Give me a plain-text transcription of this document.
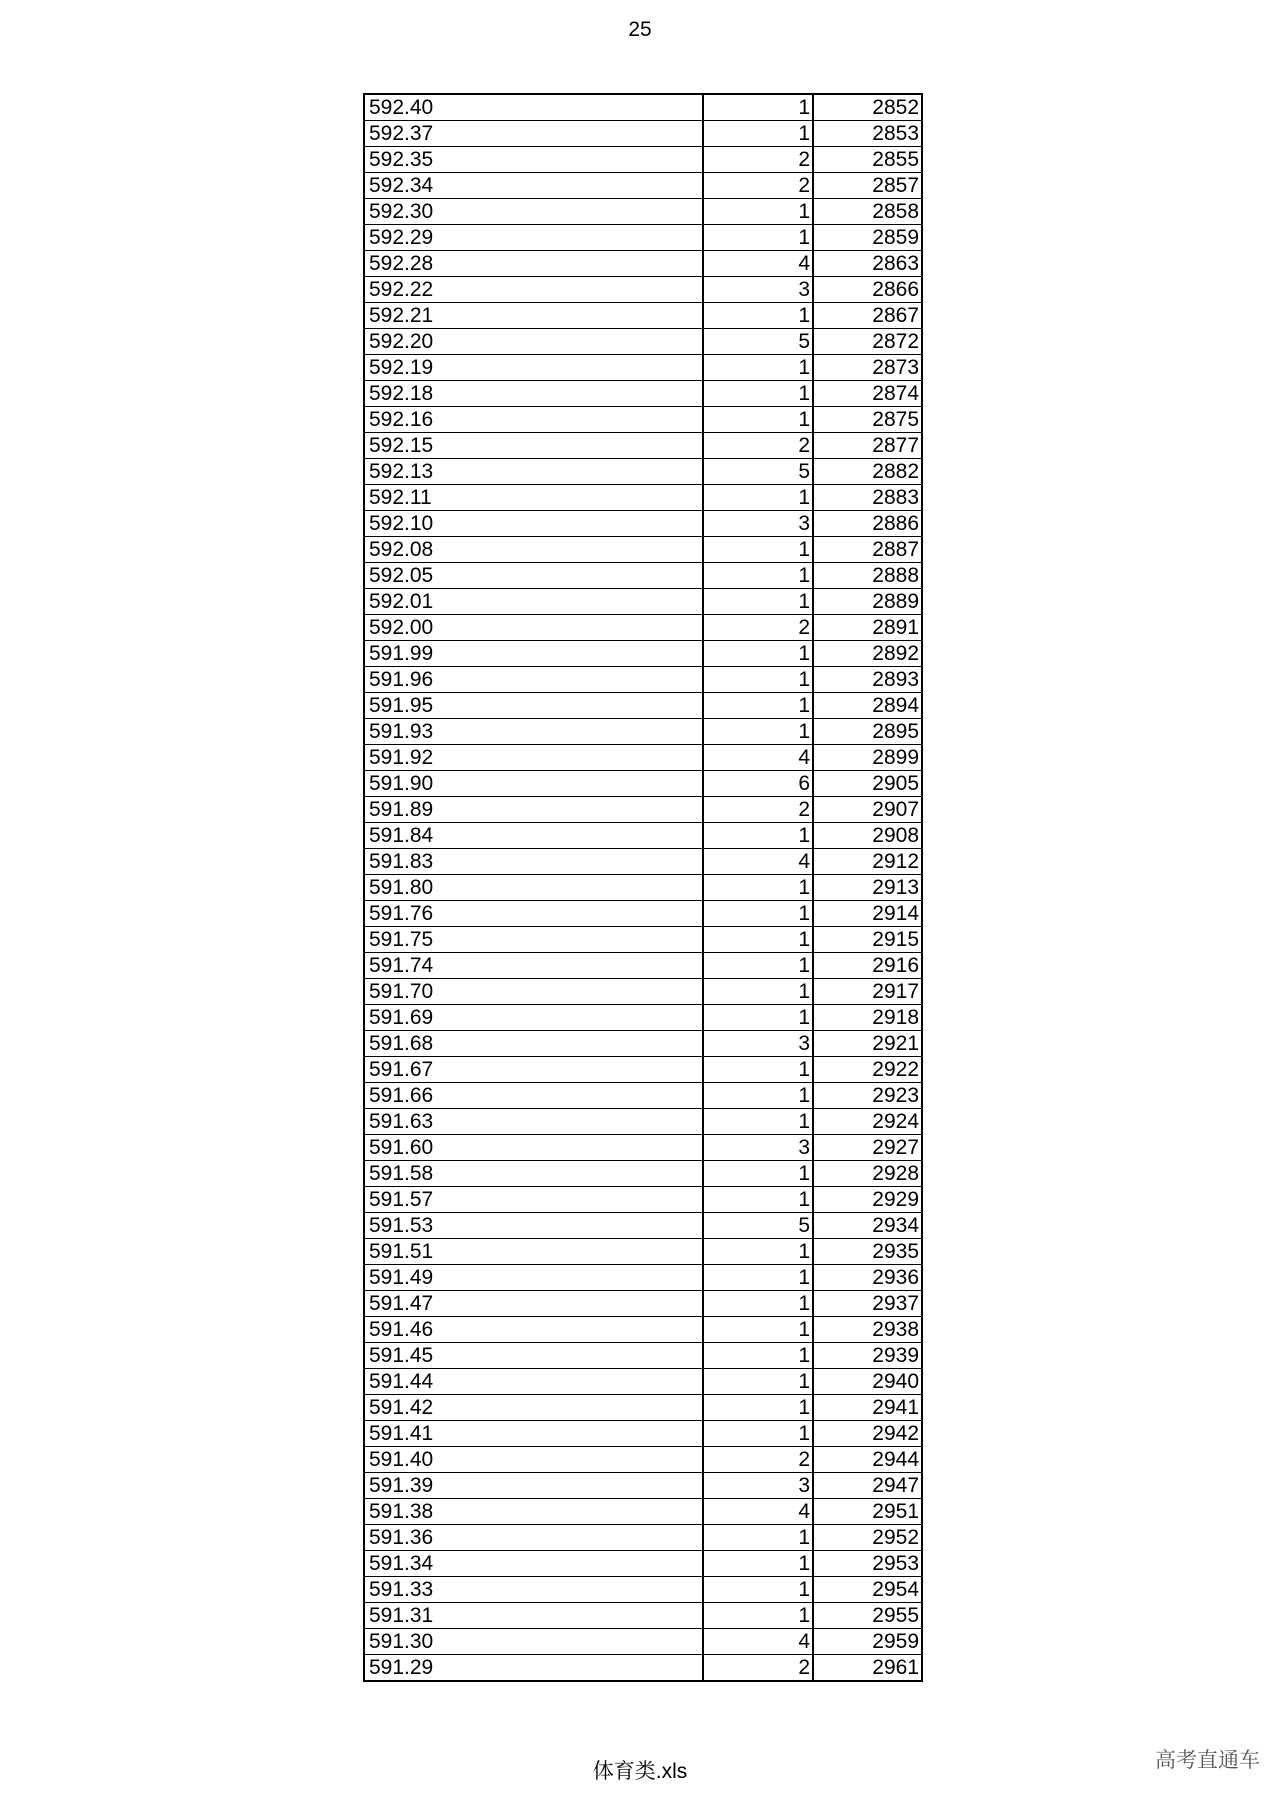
25
592.40	1	2852
592.37	1	2853
592.35	2	2855
592.34	2	2857
592.30	1	2858
592.29	1	2859
592.28	4	2863
592.22	3	2866
592.21	1	2867
592.20	5	2872
592.19	1	2873
592.18	1	2874
592.16	1	2875
592.15	2	2877
592.13	5	2882
592.11	1	2883
592.10	3	2886
592.08	1	2887
592.05	1	2888
592.01	1	2889
592.00	2	2891
591.99	1	2892
591.96	1	2893
591.95	1	2894
591.93	1	2895
591.92	4	2899
591.90	6	2905
591.89	2	2907
591.84	1	2908
591.83	4	2912
591.80	1	2913
591.76	1	2914
591.75	1	2915
591.74	1	2916
591.70	1	2917
591.69	1	2918
591.68	3	2921
591.67	1	2922
591.66	1	2923
591.63	1	2924
591.60	3	2927
591.58	1	2928
591.57	1	2929
591.53	5	2934
591.51	1	2935
591.49	1	2936
591.47	1	2937
591.46	1	2938
591.45	1	2939
591.44	1	2940
591.42	1	2941
591.41	1	2942
591.40	2	2944
591.39	3	2947
591.38	4	2951
591.36	1	2952
591.34	1	2953
591.33	1	2954
591.31	1	2955
591.30	4	2959
591.29	2	2961
体育类.xls	高考直通车
